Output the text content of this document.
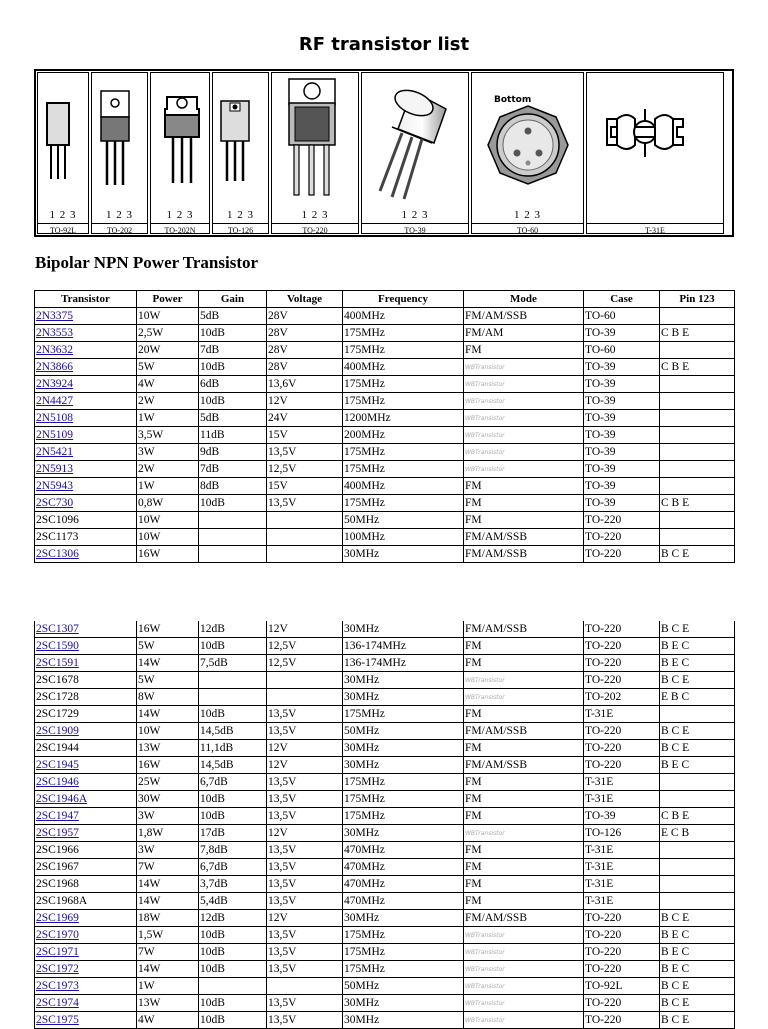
RF transistor list
1 2 3
TO-92L
1 2 3
TO-202
1 2 3
TO-202N
1 2 3
TO-126
1 2 3
TO-220
1 2 3
TO-39
Bottom
1 2 3
TO-60	T-31E
Bipolar NPN Power Transistor
Transistor	Power	Gain	Voltage	Frequency	Mode	Case	Pin 123
2N3375	10W	5dB	28V	400MHz	FM/AM/SSB	TO-60	
2N3553	2,5W	10dB	28V	175MHz	FM/AM	TO-39	C B E
2N3632	20W	7dB	28V	175MHz	FM	TO-60	
2N3866	5W	10dB	28V	400MHz	WBTransistor	TO-39	C B E
2N3924	4W	6dB	13,6V	175MHz	WBTransistor	TO-39	
2N4427	2W	10dB	12V	175MHz	WBTransistor	TO-39	
2N5108	1W	5dB	24V	1200MHz	WBTransistor	TO-39	
2N5109	3,5W	11dB	15V	200MHz	WBTransistor	TO-39	
2N5421	3W	9dB	13,5V	175MHz	WBTransistor	TO-39	
2N5913	2W	7dB	12,5V	175MHz	WBTransistor	TO-39	
2N5943	1W	8dB	15V	400MHz	FM	TO-39	
2SC730	0,8W	10dB	13,5V	175MHz	FM	TO-39	C B E
2SC1096	10W			50MHz	FM	TO-220	
2SC1173	10W			100MHz	FM/AM/SSB	TO-220	
2SC1306	16W			30MHz	FM/AM/SSB	TO-220	B C E
2SC1307	16W	12dB	12V	30MHz	FM/AM/SSB	TO-220	B C E
2SC1590	5W	10dB	12,5V	136-174MHz	FM	TO-220	B E C
2SC1591	14W	7,5dB	12,5V	136-174MHz	FM	TO-220	B E C
2SC1678	5W			30MHz	WBTransistor	TO-220	B C E
2SC1728	8W			30MHz	WBTransistor	TO-202	E B C
2SC1729	14W	10dB	13,5V	175MHz	FM	T-31E	
2SC1909	10W	14,5dB	13,5V	50MHz	FM/AM/SSB	TO-220	B C E
2SC1944	13W	11,1dB	12V	30MHz	FM	TO-220	B C E
2SC1945	16W	14,5dB	12V	30MHz	FM/AM/SSB	TO-220	B E C
2SC1946	25W	6,7dB	13,5V	175MHz	FM	T-31E	
2SC1946A	30W	10dB	13,5V	175MHz	FM	T-31E	
2SC1947	3W	10dB	13,5V	175MHz	FM	TO-39	C B E
2SC1957	1,8W	17dB	12V	30MHz	WBTransistor	TO-126	E C B
2SC1966	3W	7,8dB	13,5V	470MHz	FM	T-31E	
2SC1967	7W	6,7dB	13,5V	470MHz	FM	T-31E	
2SC1968	14W	3,7dB	13,5V	470MHz	FM	T-31E	
2SC1968A	14W	5,4dB	13,5V	470MHz	FM	T-31E	
2SC1969	18W	12dB	12V	30MHz	FM/AM/SSB	TO-220	B C E
2SC1970	1,5W	10dB	13,5V	175MHz	WBTransistor	TO-220	B E C
2SC1971	7W	10dB	13,5V	175MHz	WBTransistor	TO-220	B E C
2SC1972	14W	10dB	13,5V	175MHz	WBTransistor	TO-220	B E C
2SC1973	1W			50MHz	WBTransistor	TO-92L	B C E
2SC1974	13W	10dB	13,5V	30MHz	WBTransistor	TO-220	B C E
2SC1975	4W	10dB	13,5V	30MHz	WBTransistor	TO-220	B C E
